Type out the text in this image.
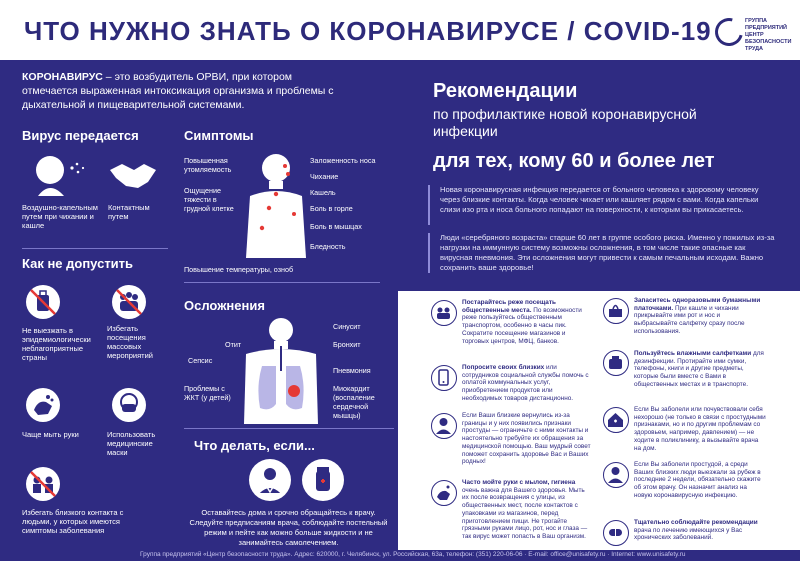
ЧТО НУЖНО ЗНАТЬ О КОРОНАВИРУСЕ / COVID-19	ГРУППА ПРЕДПРИЯТИЙ ЦЕНТР БЕЗОПАСНОСТИ ТРУДА
КОРОНАВИРУС – это возбудитель ОРВИ, при котором отмечается выраженная интоксикация организма и проблемы с дыхательной и пищеварительной системами.
Вирус передается
Воздушно-капельным путем при чихании и кашле
Контактным путем
Симптомы
Повышенная утомляемость
Ощущение тяжести в грудной клетке
Повышение температуры, озноб
Заложенность носа
Чихание
Кашель
Боль в горле
Боль в мышцах
Бледность
Как не допустить
Не выезжать в эпидемиологически неблагоприятные страны
Избегать посещения массовых мероприятий
Чаще мыть руки	Использовать медицинские маски
Избегать близкого контакта с людьми, у которых имеются симптомы заболевания
Осложнения
Отит
Сепсис
Проблемы с ЖКТ (у детей)
Синусит
Бронхит
Пневмония
Миокардит (воспаление сердечной мышцы)
Что делать, если...
Оставайтесь дома и срочно обращайтесь к врачу. Следуйте предписаниям врача, соблюдайте постельный режим и пейте как можно больше жидкости и не занимайтесь самолечением.
Рекомендации
по профилактике новой коронавирусной инфекции
для тех, кому 60 и более лет
Новая коронавирусная инфекция передается от больного человека к здоровому человеку через близкие контакты. Когда человек чихает или кашляет рядом с вами. Когда капельки слизи изо рта и носа больного попадают на поверхности, к которым вы прикасаетесь.
Люди «серебряного возраста» старше 60 лет в группе особого риска. Именно у пожилых из-за нагрузки на иммунную систему возможны осложнения, в том числе такие опасные как вирусная пневмония. Эти осложнения могут привести к самым печальным исходам. Важно сохранить ваше здоровье!
Постарайтесь реже посещать общественные места. По возможности реже пользуйтесь общественным транспортом, особенно в часы пик. Сократите посещение магазинов и торговых центров, МФЦ, банков.
Попросите своих близких или сотрудников социальной службы помочь с оплатой коммунальных услуг, приобретением продуктов или необходимых товаров дистанционно.
Если Ваши близкие вернулись из-за границы и у них появились признаки простуды — ограничьте с ними контакты и настоятельно требуйте их обращения за медицинской помощью. Ваш мудрый совет поможет сохранить здоровье Вас и Ваших родных!
Часто мойте руки с мылом, гигиена очень важна для Вашего здоровья. Мыть их после возвращения с улицы, из общественных мест, после контактов с упаковками из магазинов, перед приготовлением пищи. Не трогайте грязными руками лицо, рот, нос и глаза — так вирус может попасть в Ваш организм.
Запаситесь одноразовыми бумажными платочками. При кашле и чихании прикрывайте ими рот и нос и выбрасывайте салфетку сразу после использования.
Пользуйтесь влажными салфетками для дезинфекции. Протирайте ими сумки, телефоны, книги и другие предметы, которые были вместе с Вами в общественных местах и в транспорте.
Если Вы заболели или почувствовали себя нехорошо (не только в связи с простудными признаками, но и по другим проблемам со здоровьем, например, давлением) — не ходите в поликлинику, а вызывайте врача на дом.
Если Вы заболели простудой, а среди Ваших близких люди выезжали за рубеж в последние 2 недели, обязательно скажите об этом врачу. Он назначит анализ на новую коронавирусную инфекцию.
Тщательно соблюдайте рекомендации врача по лечению имеющихся у Вас хронических заболеваний.
Группа предприятий «Центр безопасности труда». Адрес: 620000, г. Челябинск, ул. Российская, 63а, телефон: (351) 220-06-06 · E-mail: office@unisafety.ru · Internet: www.unisafety.ru
